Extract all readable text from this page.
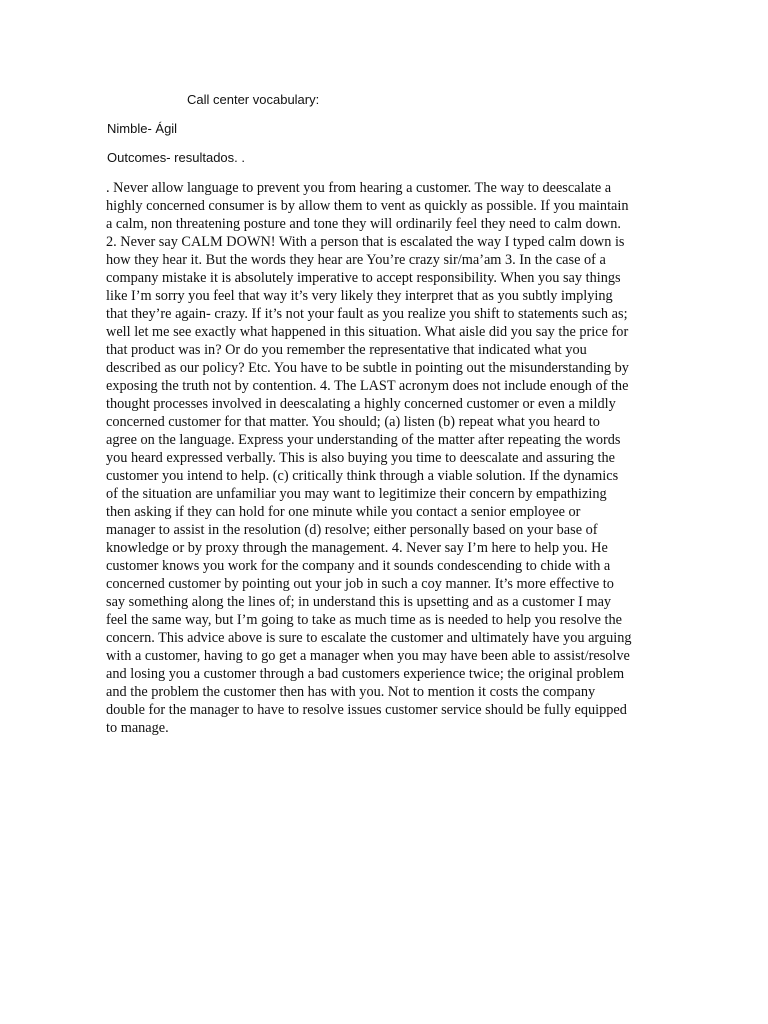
Call center vocabulary:
Nimble- Ágil
Outcomes- resultados. .
. Never allow language to prevent you from hearing a customer. The way to deescalate a
highly concerned consumer is by allow them to vent as quickly as possible. If you maintain
a calm, non threatening posture and tone they will ordinarily feel they need to calm down.
2. Never say CALM DOWN! With a person that is escalated the way I typed calm down is
how they hear it. But the words they hear are You’re crazy sir/ma’am 3. In the case of a
company mistake it is absolutely imperative to accept responsibility. When you say things
like I’m sorry you feel that way it’s very likely they interpret that as you subtly implying
that they’re again- crazy. If it’s not your fault as you realize you shift to statements such as;
well let me see exactly what happened in this situation. What aisle did you say the price for
that product was in? Or do you remember the representative that indicated what you
described as our policy? Etc. You have to be subtle in pointing out the misunderstanding by
exposing the truth not by contention. 4. The LAST acronym does not include enough of the
thought processes involved in deescalating a highly concerned customer or even a mildly
concerned customer for that matter. You should; (a) listen (b) repeat what you heard to
agree on the language. Express your understanding of the matter after repeating the words
you heard expressed verbally. This is also buying you time to deescalate and assuring the
customer you intend to help. (c) critically think through a viable solution. If the dynamics
of the situation are unfamiliar you may want to legitimize their concern by empathizing
then asking if they can hold for one minute while you contact a senior employee or
manager to assist in the resolution (d) resolve; either personally based on your base of
knowledge or by proxy through the management. 4. Never say I’m here to help you. He
customer knows you work for the company and it sounds condescending to chide with a
concerned customer by pointing out your job in such a coy manner. It’s more effective to
say something along the lines of; in understand this is upsetting and as a customer I may
feel the same way, but I’m going to take as much time as is needed to help you resolve the
concern. This advice above is sure to escalate the customer and ultimately have you arguing
with a customer, having to go get a manager when you may have been able to assist/resolve
and losing you a customer through a bad customers experience twice; the original problem
and the problem the customer then has with you. Not to mention it costs the company
double for the manager to have to resolve issues customer service should be fully equipped
to manage.
